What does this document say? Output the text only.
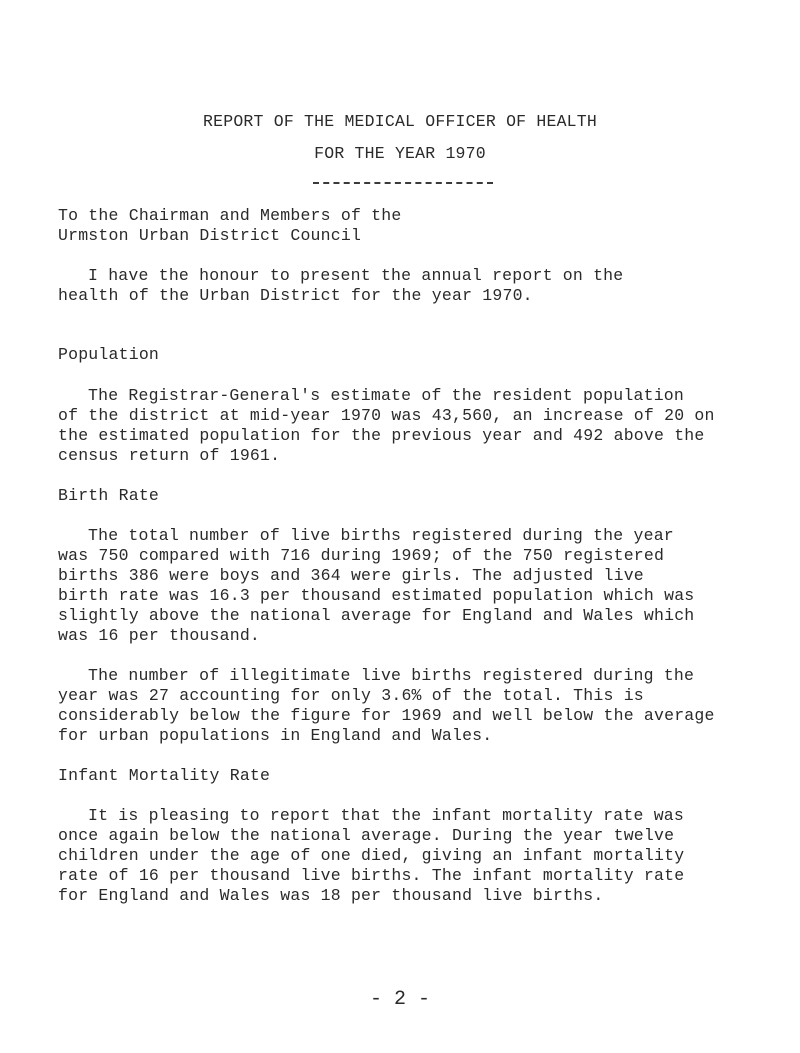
REPORT OF THE MEDICAL OFFICER OF HEALTH
FOR THE YEAR 1970
To the Chairman and Members of the
Urmston Urban District Council
I have the honour to present the annual report on the
health of the Urban District for the year 1970.
Population
The Registrar-General's estimate of the resident population
of the district at mid-year 1970 was 43,560, an increase of 20 on
the estimated population for the previous year and 492 above the
census return of 1961.
Birth Rate
The total number of live births registered during the year
was 750 compared with 716 during 1969; of the 750 registered
births 386 were boys and 364 were girls. The adjusted live
birth rate was 16.3 per thousand estimated population which was
slightly above the national average for England and Wales which
was 16 per thousand.
The number of illegitimate live births registered during the
year was 27 accounting for only 3.6% of the total. This is
considerably below the figure for 1969 and well below the average
for urban populations in England and Wales.
Infant Mortality Rate
It is pleasing to report that the infant mortality rate was
once again below the national average. During the year twelve
children under the age of one died, giving an infant mortality
rate of 16 per thousand live births. The infant mortality rate
for England and Wales was 18 per thousand live births.
- 2 -
